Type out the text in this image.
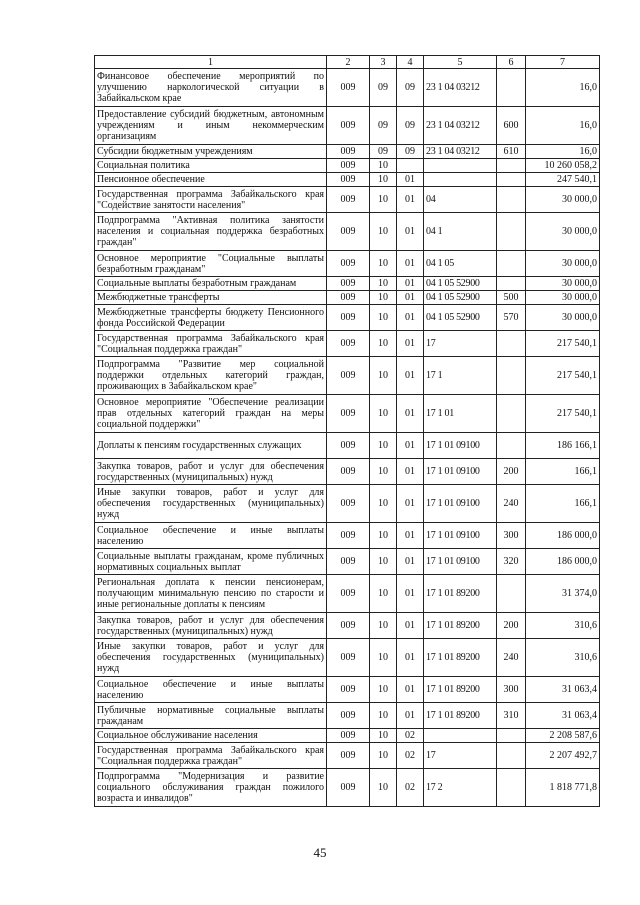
1	2	3	4	5	6	7
Финансовое обеспечение мероприятий по улучшению наркологической ситуации в Забайкальском крае	009	09	09	23 1 04 03212		16,0
Предоставление субсидий бюджетным, автономным учреждениям и иным некоммерческим организациям	009	09	09	23 1 04 03212	600	16,0
Субсидии бюджетным учреждениям	009	09	09	23 1 04 03212	610	16,0
Социальная политика	009	10				10 260 058,2
Пенсионное обеспечение	009	10	01			247 540,1
Государственная программа Забайкальского края "Содействие занятости населения"	009	10	01	04		30 000,0
Подпрограмма "Активная политика занятости населения и социальная поддержка безработных граждан"	009	10	01	04 1		30 000,0
Основное мероприятие "Социальные выплаты безработным гражданам"	009	10	01	04 1 05		30 000,0
Социальные выплаты безработным гражданам	009	10	01	04 1 05 52900		30 000,0
Межбюджетные трансферты	009	10	01	04 1 05 52900	500	30 000,0
Межбюджетные трансферты бюджету Пенсионного фонда Российской Федерации	009	10	01	04 1 05 52900	570	30 000,0
Государственная программа Забайкальского края "Социальная поддержка граждан"	009	10	01	17		217 540,1
Подпрограмма "Развитие мер социальной поддержки отдельных категорий граждан, проживающих в Забайкальском крае"	009	10	01	17 1		217 540,1
Основное мероприятие "Обеспечение реализации прав отдельных категорий граждан на меры социальной поддержки"	009	10	01	17 1 01		217 540,1
Доплаты к пенсиям государственных служащих	009	10	01	17 1 01 09100		186 166,1
Закупка товаров, работ и услуг для обеспечения государственных (муниципальных) нужд	009	10	01	17 1 01 09100	200	166,1
Иные закупки товаров, работ и услуг для обеспечения государственных (муниципальных) нужд	009	10	01	17 1 01 09100	240	166,1
Социальное обеспечение и иные выплаты населению	009	10	01	17 1 01 09100	300	186 000,0
Социальные выплаты гражданам, кроме публичных нормативных социальных выплат	009	10	01	17 1 01 09100	320	186 000,0
Региональная доплата к пенсии пенсионерам, получающим минимальную пенсию по старости и иные региональные доплаты к пенсиям	009	10	01	17 1 01 89200		31 374,0
Закупка товаров, работ и услуг для обеспечения государственных (муниципальных) нужд	009	10	01	17 1 01 89200	200	310,6
Иные закупки товаров, работ и услуг для обеспечения государственных (муниципальных) нужд	009	10	01	17 1 01 89200	240	310,6
Социальное обеспечение и иные выплаты населению	009	10	01	17 1 01 89200	300	31 063,4
Публичные нормативные социальные выплаты гражданам	009	10	01	17 1 01 89200	310	31 063,4
Социальное обслуживание населения	009	10	02			2 208 587,6
Государственная программа Забайкальского края "Социальная поддержка граждан"	009	10	02	17		2 207 492,7
Подпрограмма "Модернизация и развитие социального обслуживания граждан пожилого возраста и инвалидов"	009	10	02	17 2		1 818 771,8
45
